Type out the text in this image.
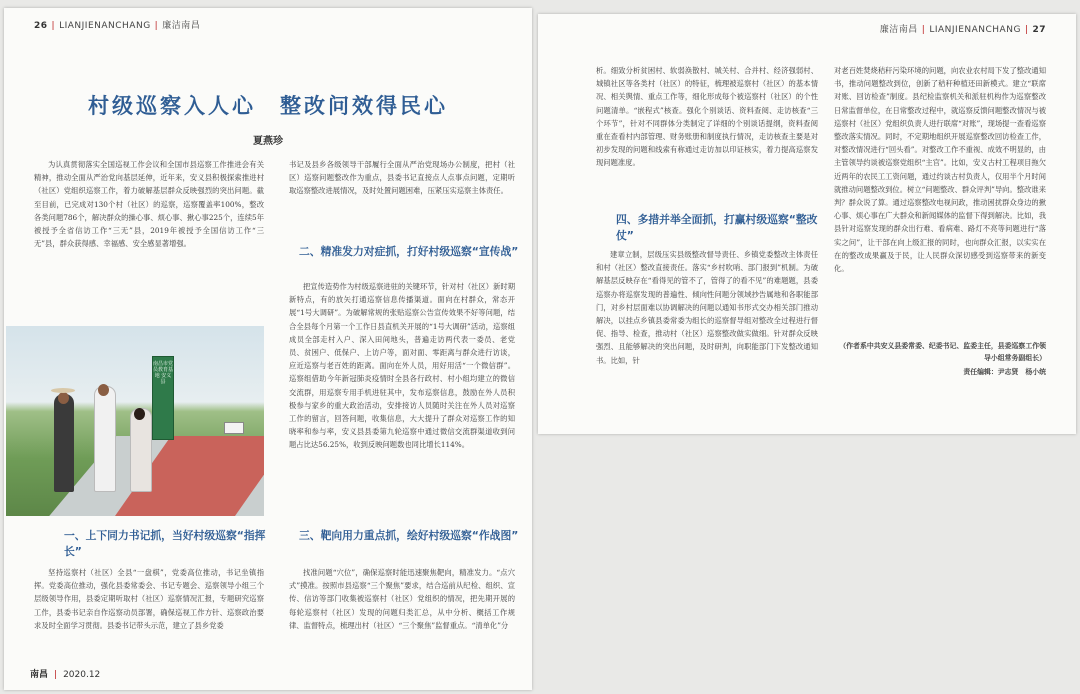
26 | LIANJIENANCHANG | 廉洁南昌
村级巡察入人心　整改问效得民心
夏燕珍
为认真贯彻落实全国巡视工作会议和全国市县巡察工作推进会有关精神，推动全面从严治党向基层延伸，近年来，安义县积极探索推进村（社区）党组织巡察工作，着力破解基层群众反映强烈的突出问题。截至目前，已完成对130个村（社区）的巡察，巡察覆盖率100%，整改各类问题786个，解决群众的操心事、烦心事、揪心事225个，连续5年被授予全省信访工作“三无”县，2019年被授予全国信访工作“三无”县，群众获得感、幸福感、安全感显著增强。
南昌市党员教育基地 安义县
一、上下同力书记抓，当好村级巡察“指挥长”
坚持巡察村（社区）全县“一盘棋”，党委高位推动，书记坐镇指挥。党委高位推动，强化县委常委会、书记专题会、巡察领导小组三个层级领导作用，县委定期听取村（社区）巡察情况汇报，专题研究巡察工作，县委书记亲自作巡察动员部署，确保巡视工作方针、巡察政治要求及时全面学习贯彻。县委书记带头示范，建立了县乡党委
书记及县乡各级领导干部履行全面从严治党现场办公制度，把村（社区）巡察问题整改作为重点，县委书记直接点人点事点问题，定期听取巡察整改进展情况，及时处置问题困难，压紧压实巡察主体责任。
二、精准发力对症抓，打好村级巡察“宣传战”
把宣传造势作为村级巡察进驻的关键环节，针对村（社区）新时期新特点，有的放矢打通巡察信息传播渠道。面向在村群众，常态开展“1号大调研”。为破解常规的张贴巡察公告宣传效果不好等问题，结合全县每个月第一个工作日县直机关开展的“1号大调研”活动，巡察组成员全部走村入户、深入田间地头，普遍走访两代表一委员、老党员、贫困户、低保户、上访户等，面对面、零距离与群众进行访谈，应近巡察与老百姓的距离。面向在外人员，用好用活“一个微信群”。巡察组借助今年新冠肺炎疫情时全县各行政村、村小组均建立的微信交流群，用巡察专用手机进驻其中，发布巡察信息，鼓励在外人员积极参与家乡的重大政治活动，安排接访人员随时关注在外人员对巡察工作的留言，回答问题，收集信息，大大提升了群众对巡察工作的知晓率和参与率，安义县县委第九轮巡察中通过微信交流群渠道收到问题占比达56.25%，收到反映问题数也同比增长114%。
三、靶向用力重点抓，绘好村级巡察“作战图”
找准问题“穴位”，确保巡察时能迅速聚焦靶向，精准发力。“点穴式”摸准。按照市县巡察“三个聚焦”要求，结合巡前从纪检、组织、宣传、信访等部门收集被巡察村（社区）党组织的情况，把先期开展的每轮巡察村（社区）发现的问题归类汇总，从中分析、概括工作规律、监督特点，梳理出村（社区）“三个聚焦”监督重点。“清单化”分
南昌 | 2020.12
廉洁南昌 | LIANJIENANCHANG | 27
析。细致分析贫困村、软弱涣散村、城关村、合并村、经济强弱村、城镇社区等各类村（社区）的特征，梳理被巡察村（社区）的基本情况、相关舆情、重点工作等，细化形成每个被巡察村（社区）的个性问题清单。“嵌程式”核查。强化个别谈话、资料查阅、走访核查“三个环节”，针对不同群体分类制定了详细的个别谈话提纲，资料查阅重在查看村内部管理、财务账册和制度执行情况，走访核查主要是对初步发现的问题和线索有称通过走访加以印证核实，着力提高巡察发现问题准度。
四、多措并举全面抓，打赢村级巡察“整改仗”
建章立制，层级压实县级整改督导责任、乡镇党委整改主体责任和村（社区）整改直接责任。落实“乡村吹哨、部门报到”机制。为破解基层反映存在“看得见的管不了，管得了的看不见”的难题题，县委巡察办将巡察发现的普遍性、倾向性问题分领域抄告属地和各职能部门，对乡村层面难以协调解决的问题以通知书形式交办相关部门推动解决，以挂点乡镇县委常委为组长的巡察督导组对整改全过程进行督促、指导、检查，推动村（社区）巡察整改做实做细。针对群众反映强烈、且能够解决的突出问题，及时研判，向职能部门下发整改通知书。比如，针
对老百姓焚烧秸秆污染环境的问题，向农业农村局下发了整改通知书，推动问题整改到位，创新了秸秆种植还田新模式。建立“联席对账、回访检查”制度。县纪检监察机关和派驻机构作为巡察整改日常监督单位，在日常整改过程中，就巡察反馈问题整改情况与被巡察村（社区）党组织负责人进行联席“对账”，现场提一查看巡察整改落实情况。同时，不定期地组织开展巡察整改回访检查工作，对整改情况进行“回头看”。对整改工作不重视、成效不明显的，由主管领导约谈被巡察党组织“主官”。比如，安义古村工程项目拖欠近两年的农民工工资问题，通过约谈古村负责人，仅用半个月时间就推动问题整改到位。树立“问题整改、群众评判”导向。整改谁来判？群众说了算。通过巡察整改电视问政，推动困扰群众身边的揪心事、烦心事在广大群众和新闻媒体的监督下得到解决。比如，我县针对巡察发现的群众出行难、看病难、路灯不亮等问题进行“落实之问”，让干部在向上级汇报的同时，也向群众汇报，以实实在在的整改成果赢及于民，让人民群众深切感受到巡察带来的新变化。
（作者系中共安义县委常委、纪委书记、监委主任，县委巡察工作领导小组常务副组长）
责任编辑：尹志贤　杨小统
